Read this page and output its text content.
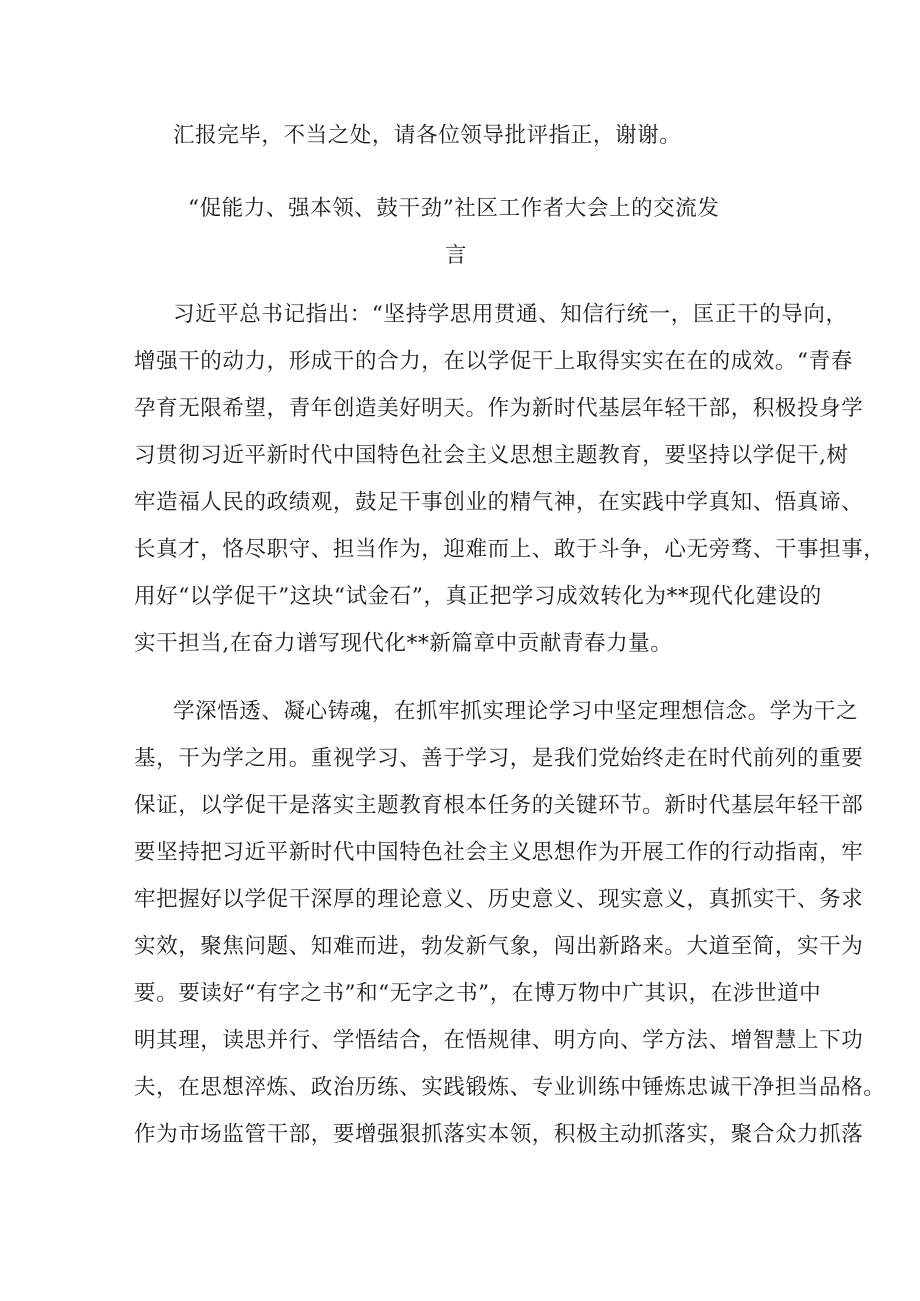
汇报完毕，不当之处，请各位领导批评指正，谢谢。
“促能力、强本领、鼓干劲”社区工作者大会上的交流发
言
习近平总书记指出：“坚持学思用贯通、知信行统一，匡正干的导向，
增强干的动力，形成干的合力，在以学促干上取得实实在在的成效。“青春
孕育无限希望，青年创造美好明天。作为新时代基层年轻干部，积极投身学
习贯彻习近平新时代中国特色社会主义思想主题教育，要坚持以学促干,树
牢造福人民的政绩观，鼓足干事创业的精气神，在实践中学真知、悟真谛、
长真才，恪尽职守、担当作为，迎难而上、敢于斗争，心无旁骛、干事担事，
用好“以学促干”这块“试金石”，真正把学习成效转化为**现代化建设的
实干担当,在奋力谱写现代化**新篇章中贡献青春力量。
学深悟透、凝心铸魂，在抓牢抓实理论学习中坚定理想信念。学为干之
基，干为学之用。重视学习、善于学习，是我们党始终走在时代前列的重要
保证，以学促干是落实主题教育根本任务的关键环节。新时代基层年轻干部
要坚持把习近平新时代中国特色社会主义思想作为开展工作的行动指南，牢
牢把握好以学促干深厚的理论意义、历史意义、现实意义，真抓实干、务求
实效，聚焦问题、知难而进，勃发新气象，闯出新路来。大道至简，实干为
要。要读好“有字之书”和“无字之书”，在博万物中广其识，在涉世道中
明其理，读思并行、学悟结合，在悟规律、明方向、学方法、增智慧上下功
夫，在思想淬炼、政治历练、实践锻炼、专业训练中锤炼忠诚干净担当品格。
作为市场监管干部，要增强狠抓落实本领，积极主动抓落实，聚合众力抓落
